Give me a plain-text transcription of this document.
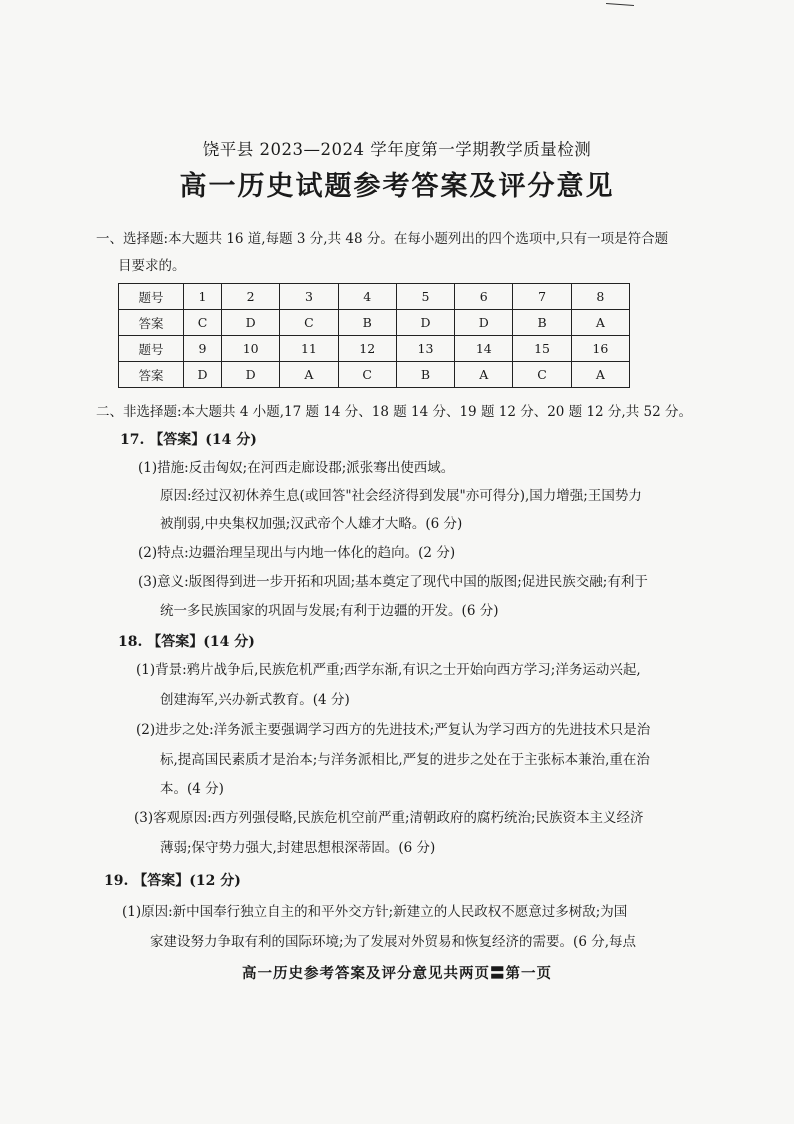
饶平县 2023—2024 学年度第一学期教学质量检测
高一历史试题参考答案及评分意见
一、选择题:本大题共 16 道,每题 3 分,共 48 分。在每小题列出的四个选项中,只有一项是符合题
目要求的。
题号	1	2	3	4	5	6	7	8
答案	C	D	C	B	D	D	B	A
题号	9	10	11	12	13	14	15	16
答案	D	D	A	C	B	A	C	A
二、非选择题:本大题共 4 小题,17 题 14 分、18 题 14 分、19 题 12 分、20 题 12 分,共 52 分。
17. 【答案】(14 分)
(1)措施:反击匈奴;在河西走廊设郡;派张骞出使西域。
原因:经过汉初休养生息(或回答"社会经济得到发展"亦可得分),国力增强;王国势力
被削弱,中央集权加强;汉武帝个人雄才大略。(6 分)
(2)特点:边疆治理呈现出与内地一体化的趋向。(2 分)
(3)意义:版图得到进一步开拓和巩固;基本奠定了现代中国的版图;促进民族交融;有利于
统一多民族国家的巩固与发展;有利于边疆的开发。(6 分)
18. 【答案】(14 分)
(1)背景:鸦片战争后,民族危机严重;西学东渐,有识之士开始向西方学习;洋务运动兴起,
创建海军,兴办新式教育。(4 分)
(2)进步之处:洋务派主要强调学习西方的先进技术;严复认为学习西方的先进技术只是治
标,提高国民素质才是治本;与洋务派相比,严复的进步之处在于主张标本兼治,重在治
本。(4 分)
(3)客观原因:西方列强侵略,民族危机空前严重;清朝政府的腐朽统治;民族资本主义经济
薄弱;保守势力强大,封建思想根深蒂固。(6 分)
19. 【答案】(12 分)
(1)原因:新中国奉行独立自主的和平外交方针;新建立的人民政权不愿意过多树敌;为国
家建设努力争取有利的国际环境;为了发展对外贸易和恢复经济的需要。(6 分,每点
高一历史参考答案及评分意见共两页〓第一页
